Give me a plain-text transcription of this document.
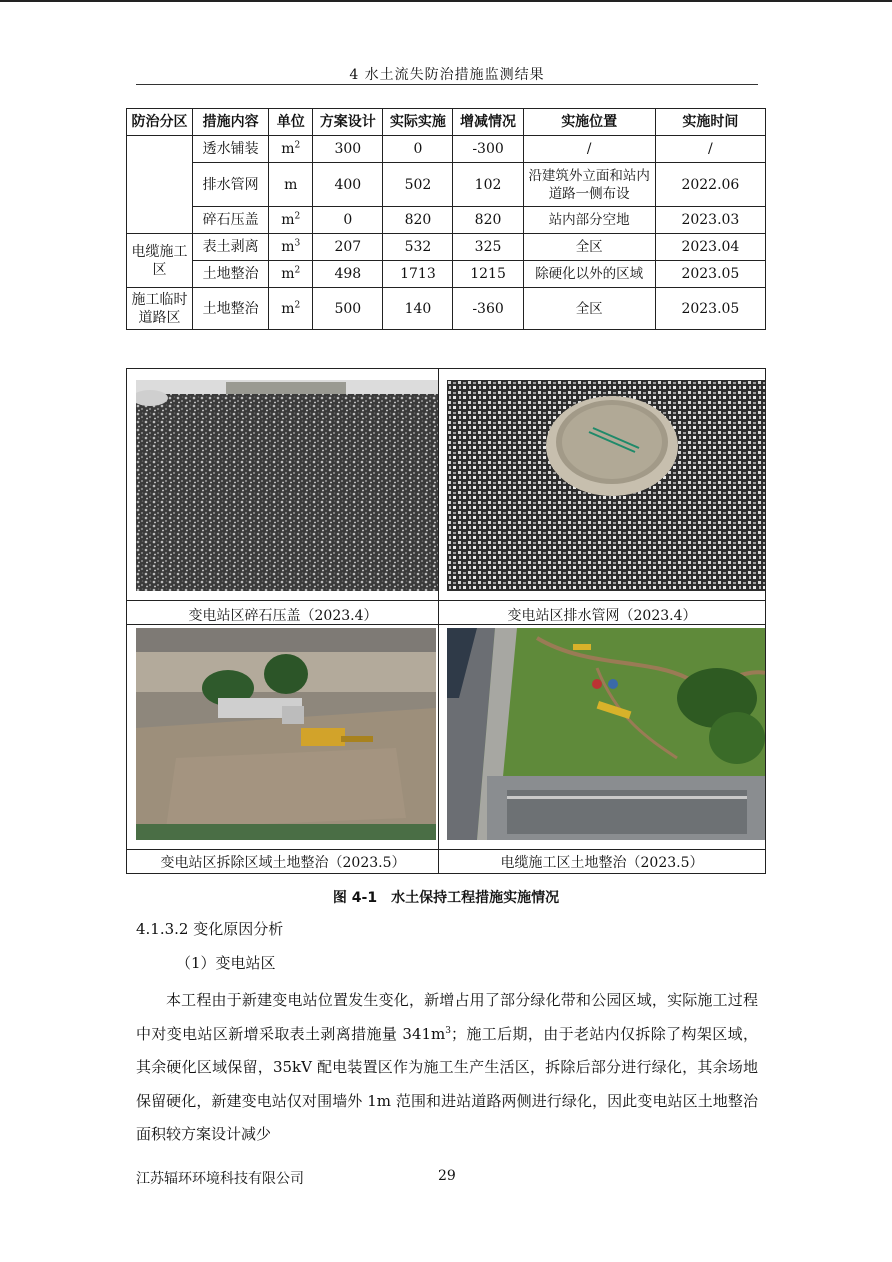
4 水土流失防治措施监测结果
防治分区	措施内容	单位	方案设计	实际实施	增减情况	实施位置	实施时间
	透水铺装	$m^2$	300	0	-300	/	/
	排水管网	m	400	502	102	沿建筑外立面和站内道路一侧布设	2022.06
	碎石压盖	$m^2$	0	820	820	站内部分空地	2023.03
电缆施工区	表土剥离	$m^3$	207	532	325	全区	2023.04
	土地整治	$m^2$	498	1713	1215	除硬化以外的区域	2023.05
施工临时道路区	土地整治	$m^2$	500	140	-360	全区	2023.05
变电站区碎石压盖（2023.4）	变电站区排水管网（2023.4）
变电站区拆除区域土地整治（2023.5）	电缆施工区土地整治（2023.5）
图 4-1　水土保持工程措施实施情况
4.1.3.2 变化原因分析
（1）变电站区
本工程由于新建变电站位置发生变化，新增占用了部分绿化带和公园区域，实际施工过程中对变电站区新增采取表土剥离措施量 $341m^3$；施工后期，由于老站内仅拆除了构架区域，其余硬化区域保留，35kV 配电装置区作为施工生产生活区，拆除后部分进行绿化，其余场地保留硬化，新建变电站仅对围墙外 1m 范围和进站道路两侧进行绿化，因此变电站区土地整治面积较方案设计减少
江苏辐环环境科技有限公司	29
